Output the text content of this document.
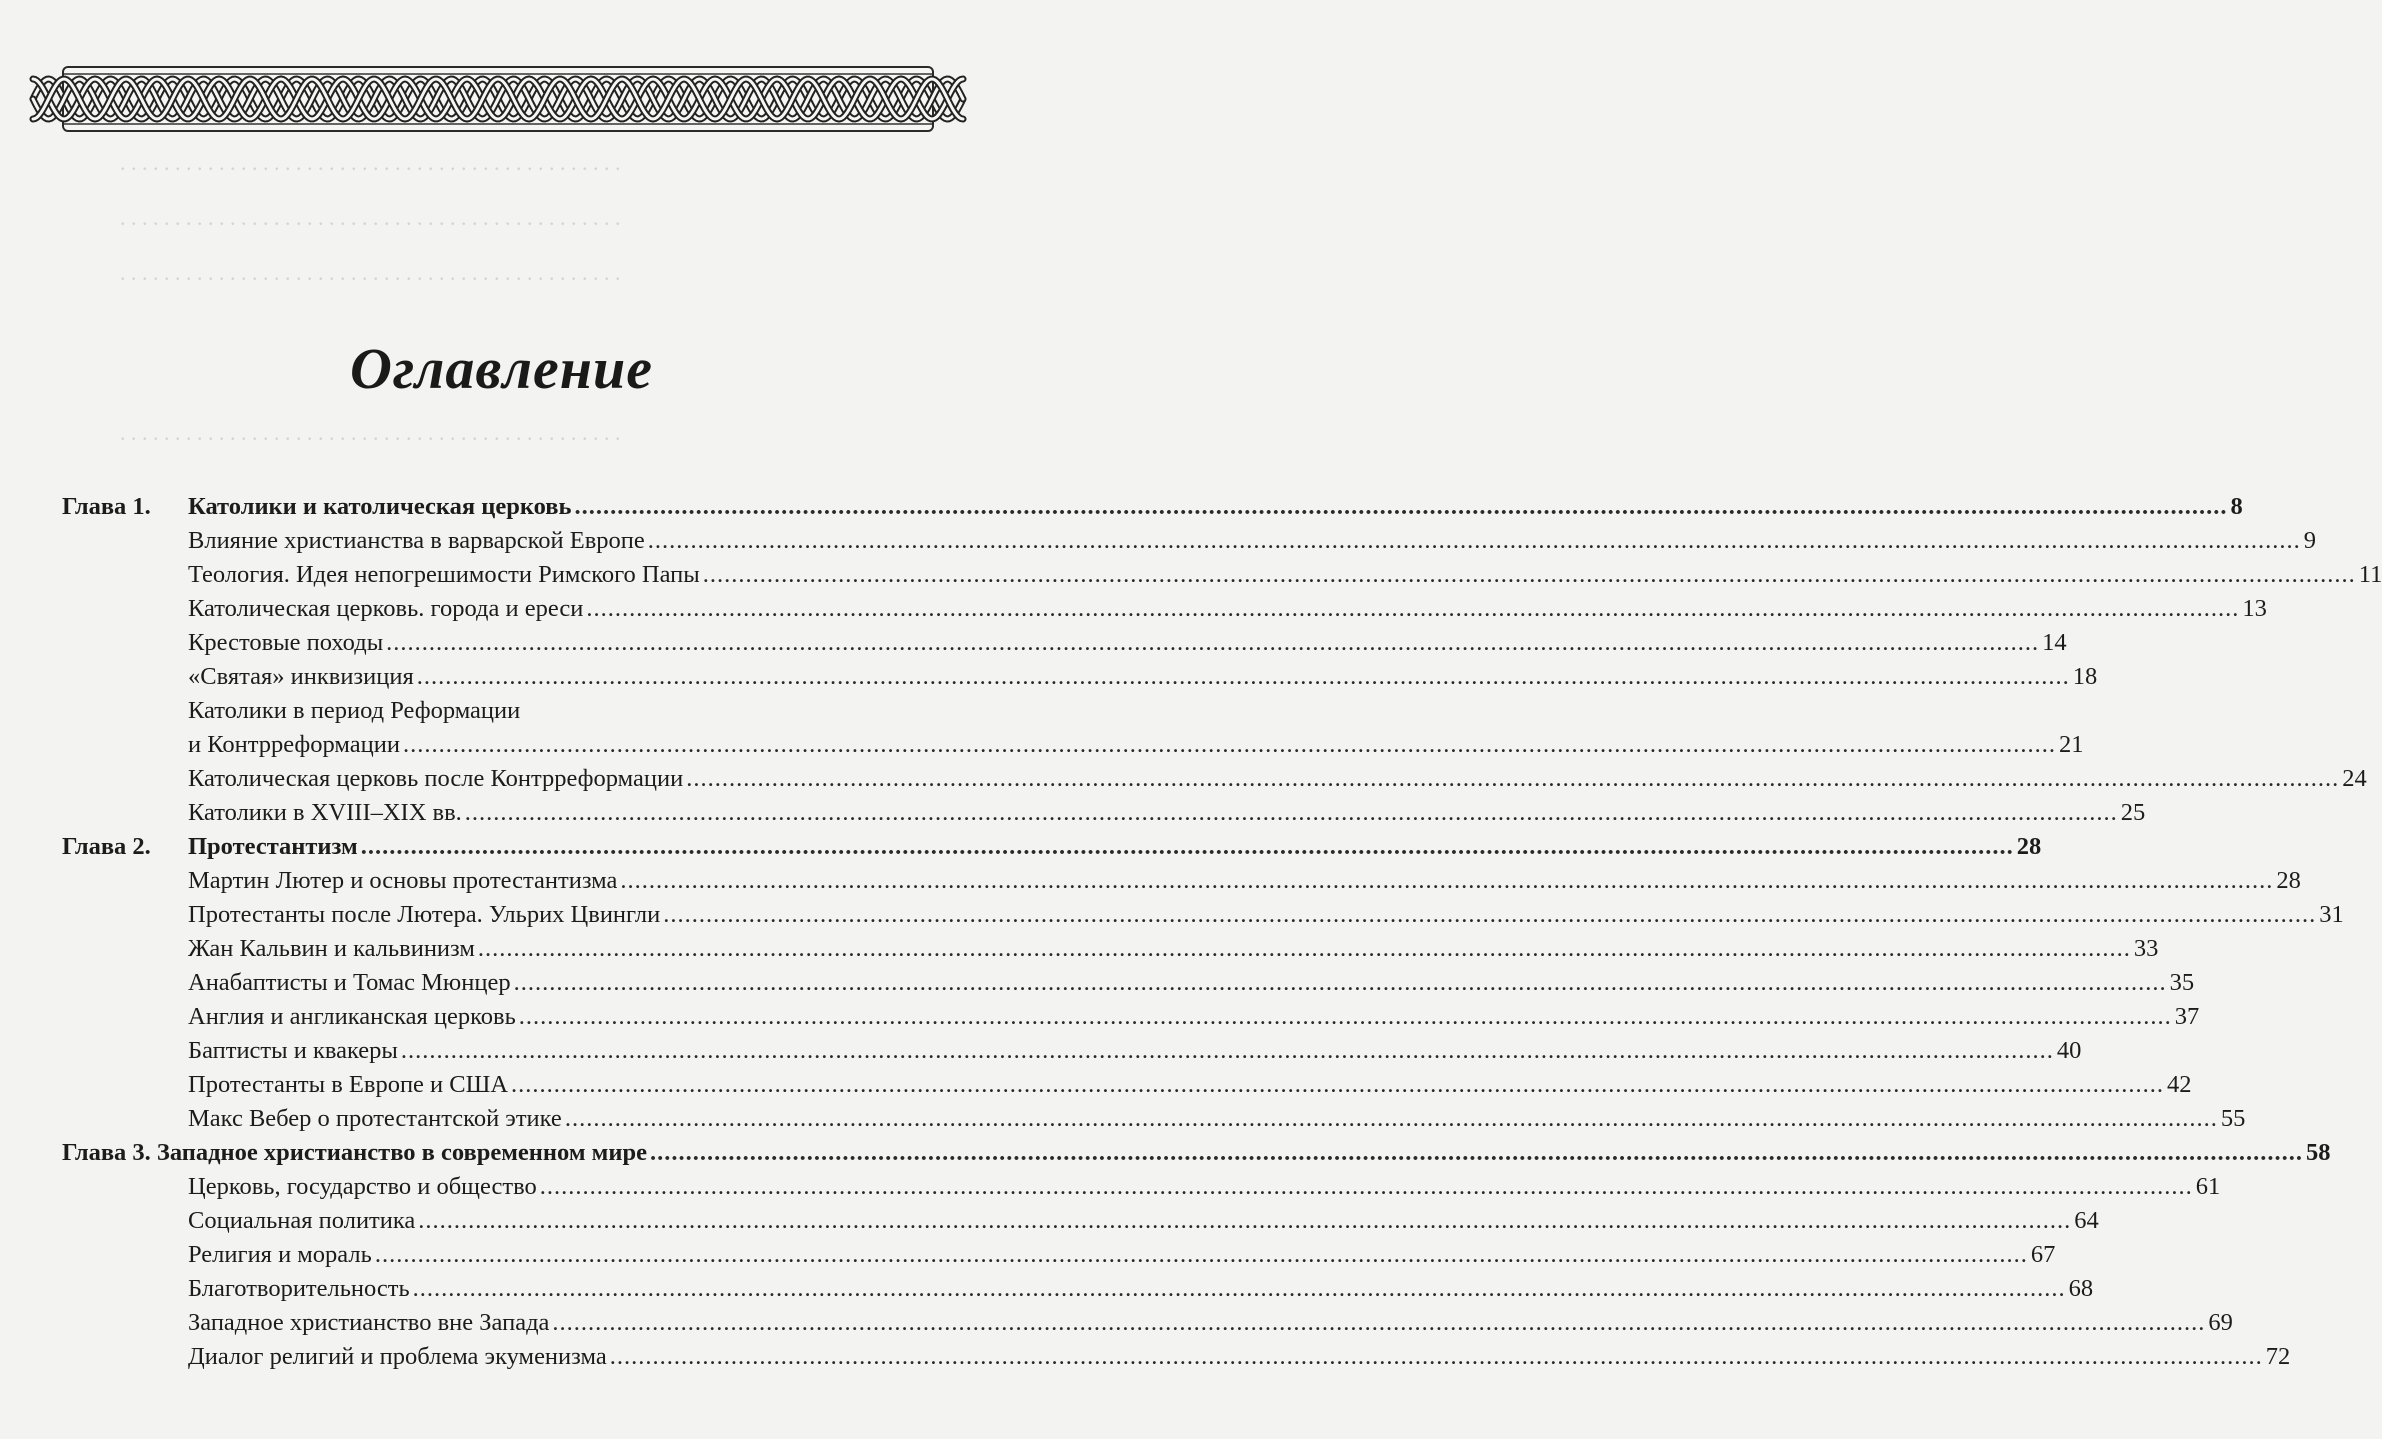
. . . . . . . . . . . . . . . . . . . . . . . . . . . . . . . . . . . . . . . . . . . . . .
. . . . . . . . . . . . . . . . . . . . . . . . . . . . . . . . . . . . . . . . . . . . . .
. . . . . . . . . . . . . . . . . . . . . . . . . . . . . . . . . . . . . . . . . . . . . .
. . . . . . . . . . . . . . . . . . . . . . . . . . . . . . . . . . . . . . . . . . . . . .
Оглавление
Глава 1. Католики и католическая церковь .....	8
Влияние христианства в варварской Европе .....	9
Теология. Идея непогрешимости Римского Папы .....	11
Католическая церковь. города и ереси .....	13
Крестовые походы .....	14
«Святая» инквизиция .....	18
Католики в период Реформации
и Контрреформации .....	21
Католическая церковь после Контрреформации .....	24
Католики в XVIII–XIX вв. .....	25
Глава 2. Протестантизм .....	28
Мартин Лютер и основы протестантизма .....	28
Протестанты после Лютера. Ульрих Цвингли .....	31
Жан Кальвин и кальвинизм .....	33
Анабаптисты и Томас Мюнцер .....	35
Англия и англиканская церковь .....	37
Баптисты и квакеры .....	40
Протестанты в Европе и США .....	42
Макс Вебер о протестантской этике .....	55
Глава 3. Западное христианство в современном мире .....	58
Церковь, государство и общество .....	61
Социальная политика .....	64
Религия и мораль .....	67
Благотворительность .....	68
Западное христианство вне Запада .....	69
Диалог религий и проблема экуменизма .....	72
